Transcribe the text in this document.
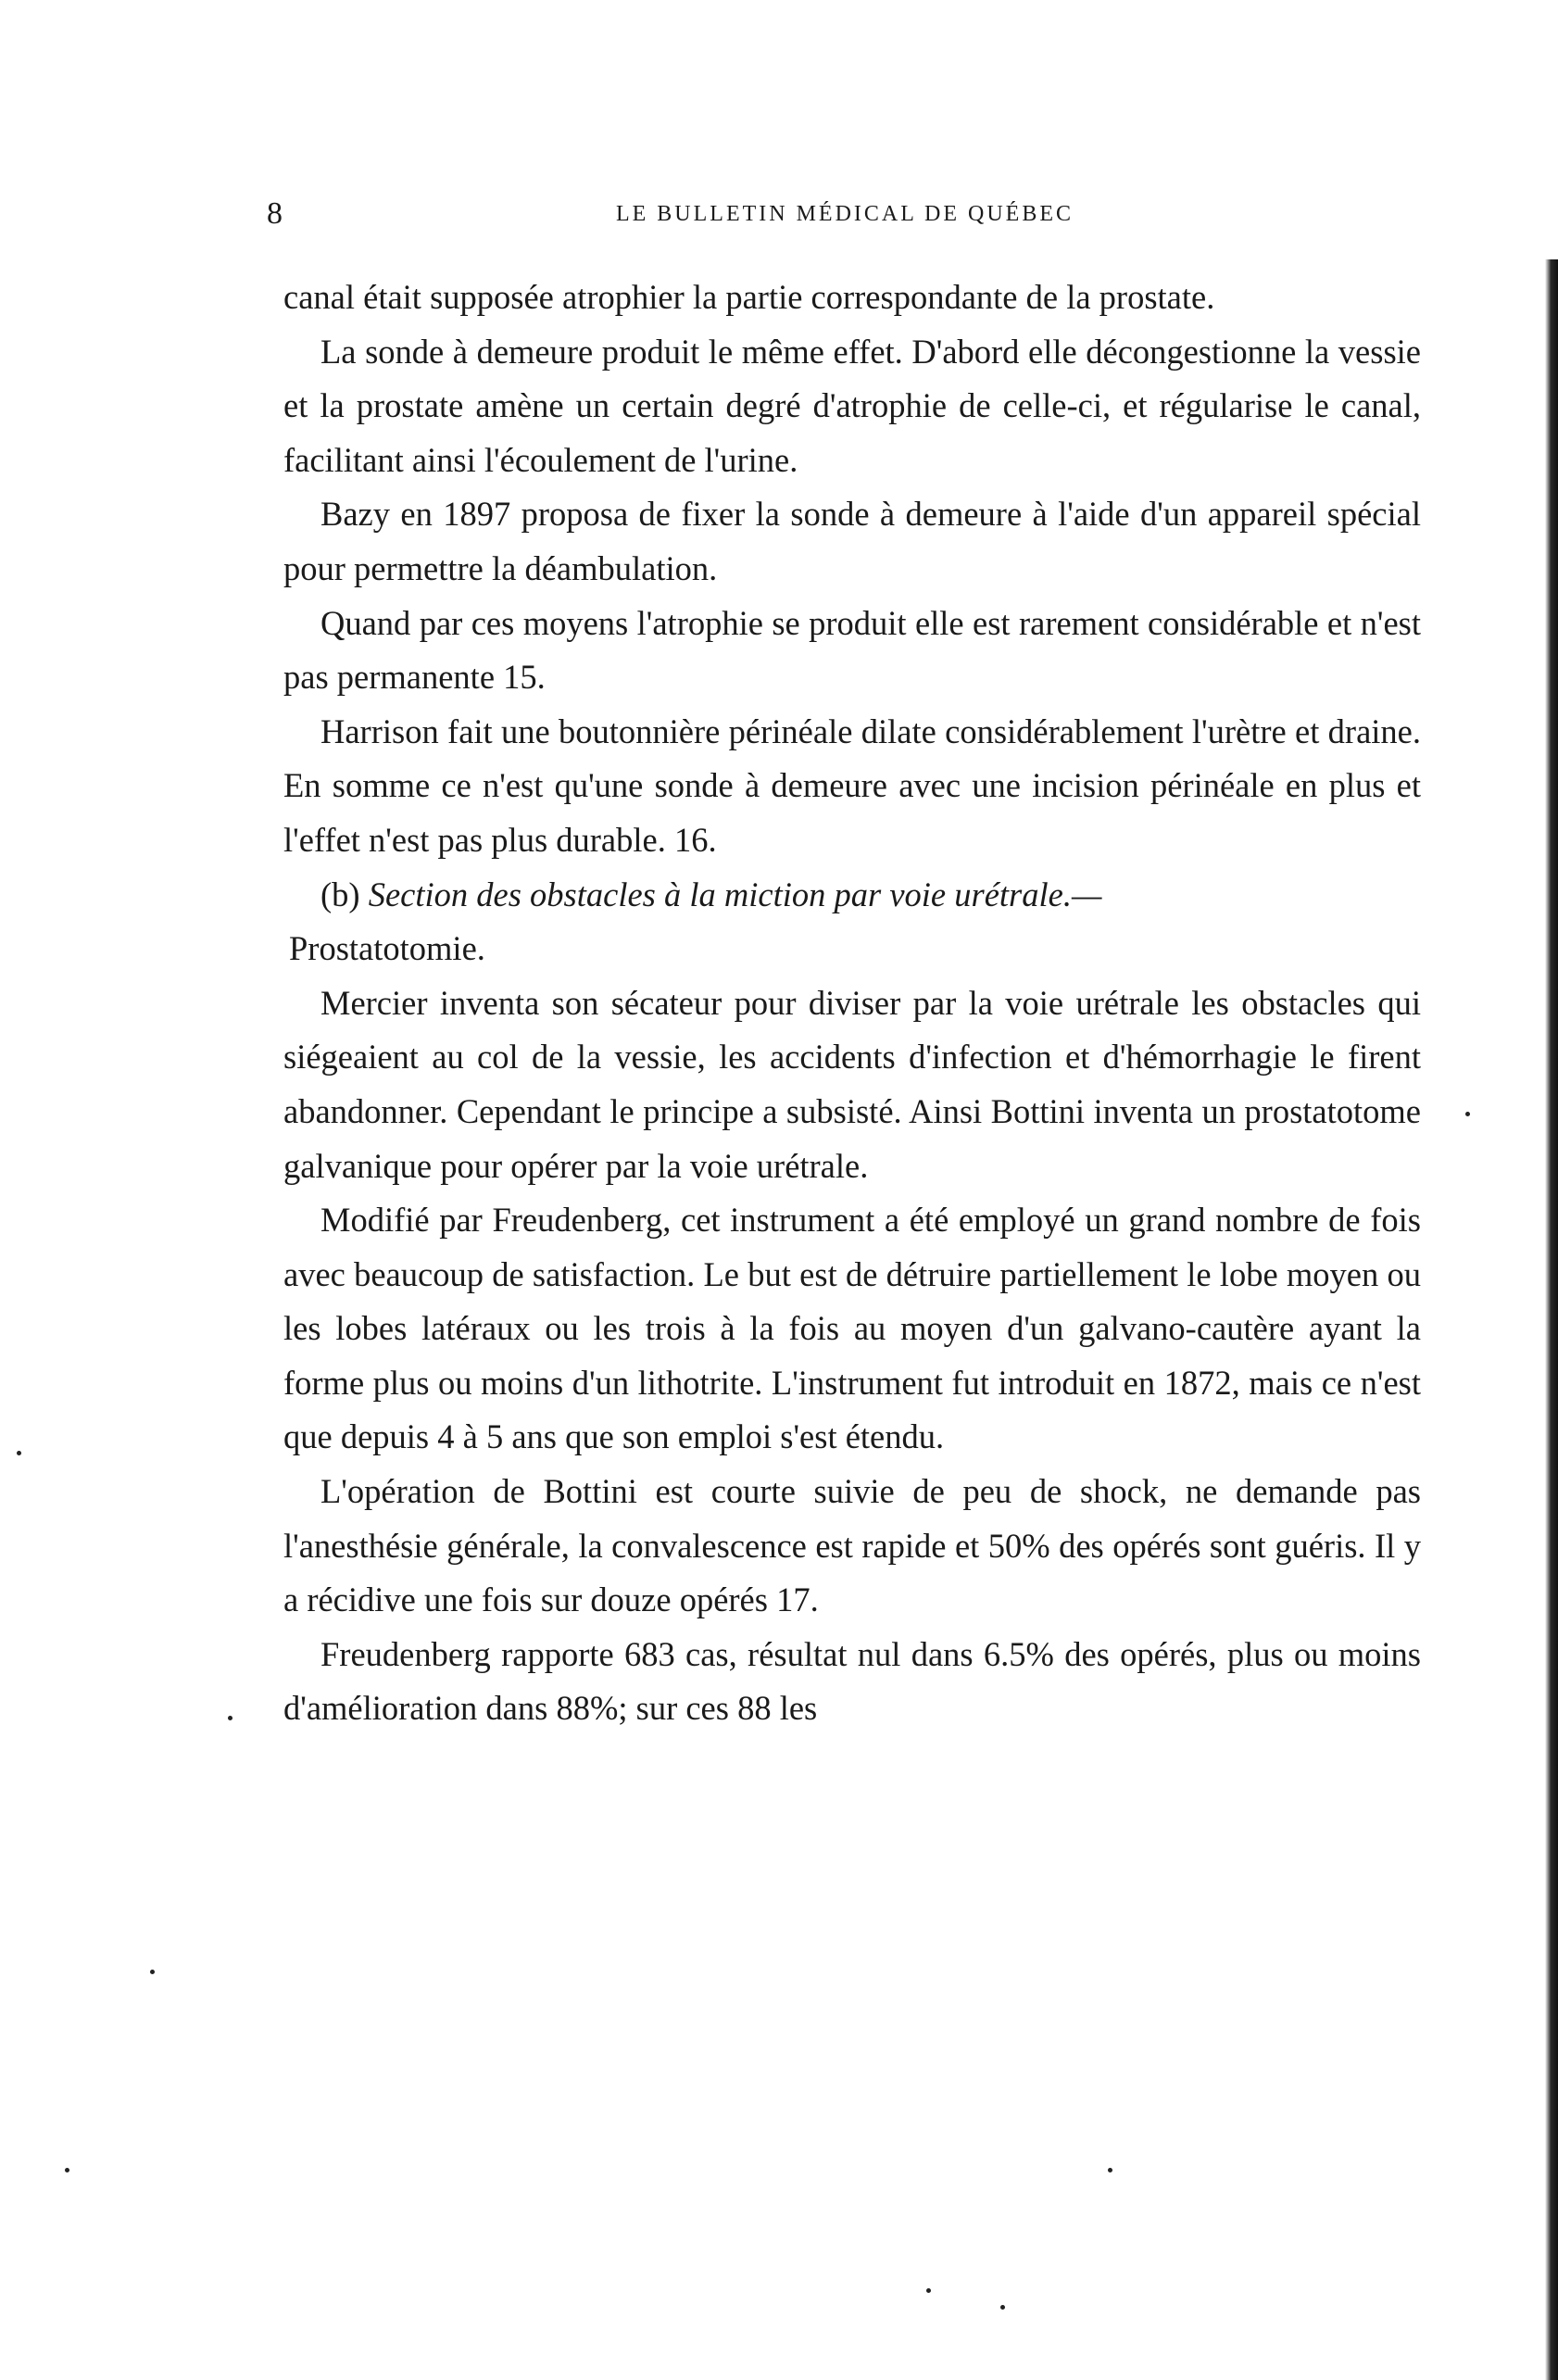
8	LE BULLETIN MÉDICAL DE QUÉBEC

canal était supposée atrophier la partie correspondante de la prostate.

La sonde à demeure produit le même effet. D'abord elle décongestionne la vessie et la prostate amène un certain degré d'atrophie de celle-ci, et régularise le canal, facilitant ainsi l'écoulement de l'urine.

Bazy en 1897 proposa de fixer la sonde à demeure à l'aide d'un appareil spécial pour permettre la déambulation.

Quand par ces moyens l'atrophie se produit elle est rarement considérable et n'est pas permanente 15.

Harrison fait une boutonnière périnéale dilate considérablement l'urètre et draine. En somme ce n'est qu'une sonde à demeure avec une incision périnéale en plus et l'effet n'est pas plus durable. 16.

(b) Section des obstacles à la miction par voie urétrale.—
Prostatotomie.

Mercier inventa son sécateur pour diviser par la voie urétrale les obstacles qui siégeaient au col de la vessie, les accidents d'infection et d'hémorrhagie le firent abandonner. Cependant le principe a subsisté. Ainsi Bottini inventa un prostatotome galvanique pour opérer par la voie urétrale.

Modifié par Freudenberg, cet instrument a été employé un grand nombre de fois avec beaucoup de satisfaction. Le but est de détruire partiellement le lobe moyen ou les lobes latéraux ou les trois à la fois au moyen d'un galvano-cautère ayant la forme plus ou moins d'un lithotrite. L'instrument fut introduit en 1872, mais ce n'est que depuis 4 à 5 ans que son emploi s'est étendu.

L'opération de Bottini est courte suivie de peu de shock, ne demande pas l'anesthésie générale, la convalescence est rapide et 50% des opérés sont guéris. Il y a récidive une fois sur douze opérés 17.

Freudenberg rapporte 683 cas, résultat nul dans 6.5% des opérés, plus ou moins d'amélioration dans 88%; sur ces 88 les
